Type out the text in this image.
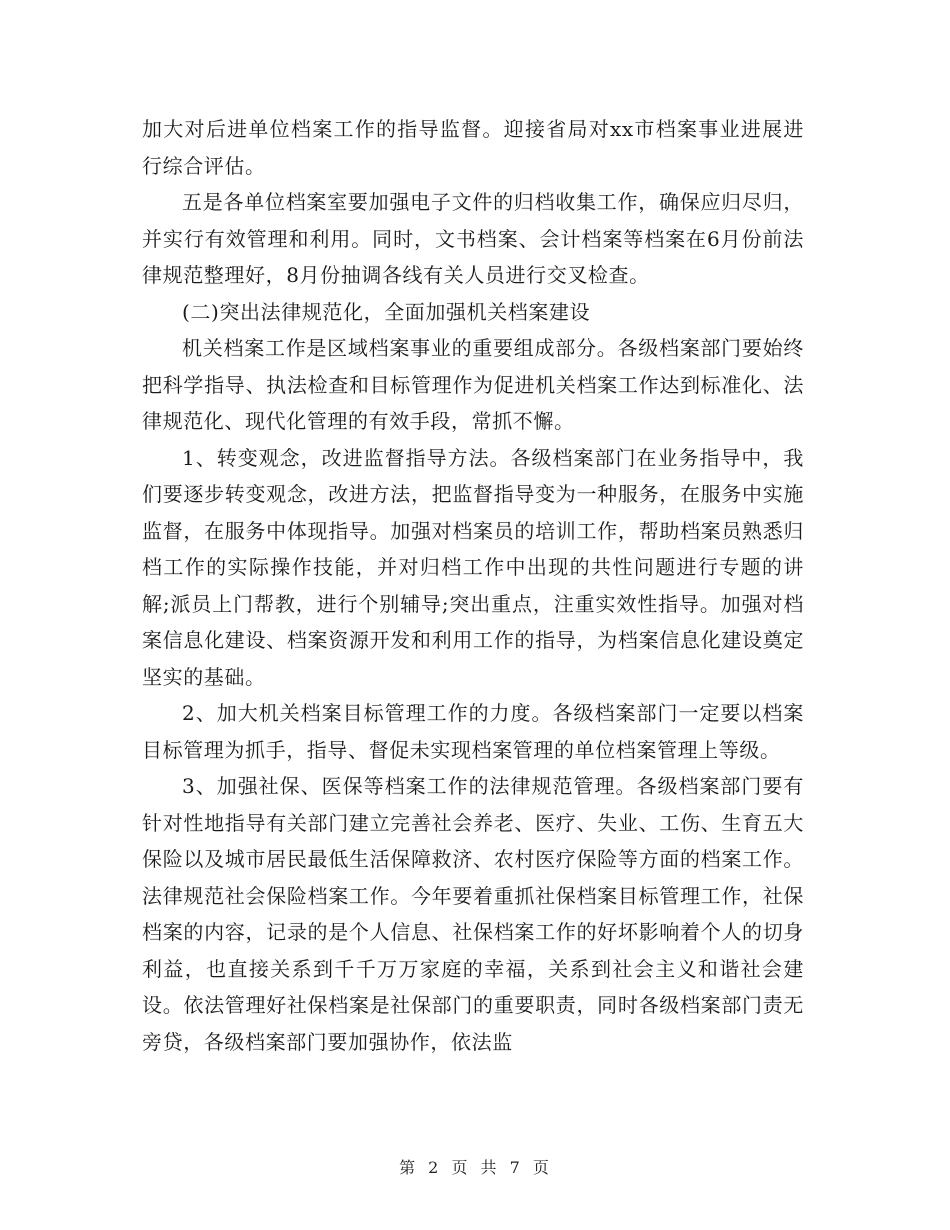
加大对后进单位档案工作的指导监督。迎接省局对xx市档案事业进展进行综合评估。

五是各单位档案室要加强电子文件的归档收集工作，确保应归尽归，并实行有效管理和利用。同时，文书档案、会计档案等档案在6月份前法律规范整理好，8月份抽调各线有关人员进行交叉检查。

(二)突出法律规范化，全面加强机关档案建设

机关档案工作是区域档案事业的重要组成部分。各级档案部门要始终把科学指导、执法检查和目标管理作为促进机关档案工作达到标准化、法律规范化、现代化管理的有效手段，常抓不懈。

1、转变观念，改进监督指导方法。各级档案部门在业务指导中，我们要逐步转变观念，改进方法，把监督指导变为一种服务，在服务中实施监督，在服务中体现指导。加强对档案员的培训工作，帮助档案员熟悉归档工作的实际操作技能，并对归档工作中出现的共性问题进行专题的讲解;派员上门帮教，进行个别辅导;突出重点，注重实效性指导。加强对档案信息化建设、档案资源开发和利用工作的指导，为档案信息化建设奠定坚实的基础。

2、加大机关档案目标管理工作的力度。各级档案部门一定要以档案目标管理为抓手，指导、督促未实现档案管理的单位档案管理上等级。

3、加强社保、医保等档案工作的法律规范管理。各级档案部门要有针对性地指导有关部门建立完善社会养老、医疗、失业、工伤、生育五大保险以及城市居民最低生活保障救济、农村医疗保险等方面的档案工作。法律规范社会保险档案工作。今年要着重抓社保档案目标管理工作，社保档案的内容，记录的是个人信息、社保档案工作的好坏影响着个人的切身利益，也直接关系到千千万万家庭的幸福，关系到社会主义和谐社会建设。依法管理好社保档案是社保部门的重要职责，同时各级档案部门责无旁贷，各级档案部门要加强协作，依法监

第 2 页 共 7 页
